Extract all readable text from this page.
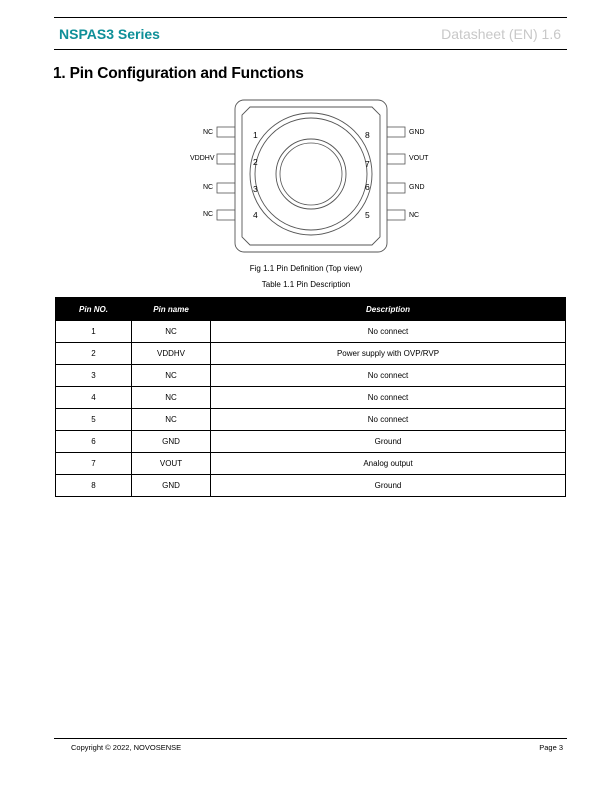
NSPAS3 Series	Datasheet (EN) 1.6
1. Pin Configuration and Functions
NC
VDDHV
NC
NC
1
2
3
4
8
7
6
5
GND
VOUT
GND
NC
Fig 1.1 Pin Definition (Top view)
Table 1.1 Pin Description
Pin NO.	Pin name	Description
1	NC	No connect
2	VDDHV	Power supply with OVP/RVP
3	NC	No connect
4	NC	No connect
5	NC	No connect
6	GND	Ground
7	VOUT	Analog output
8	GND	Ground
Copyright © 2022, NOVOSENSE	Page 3
